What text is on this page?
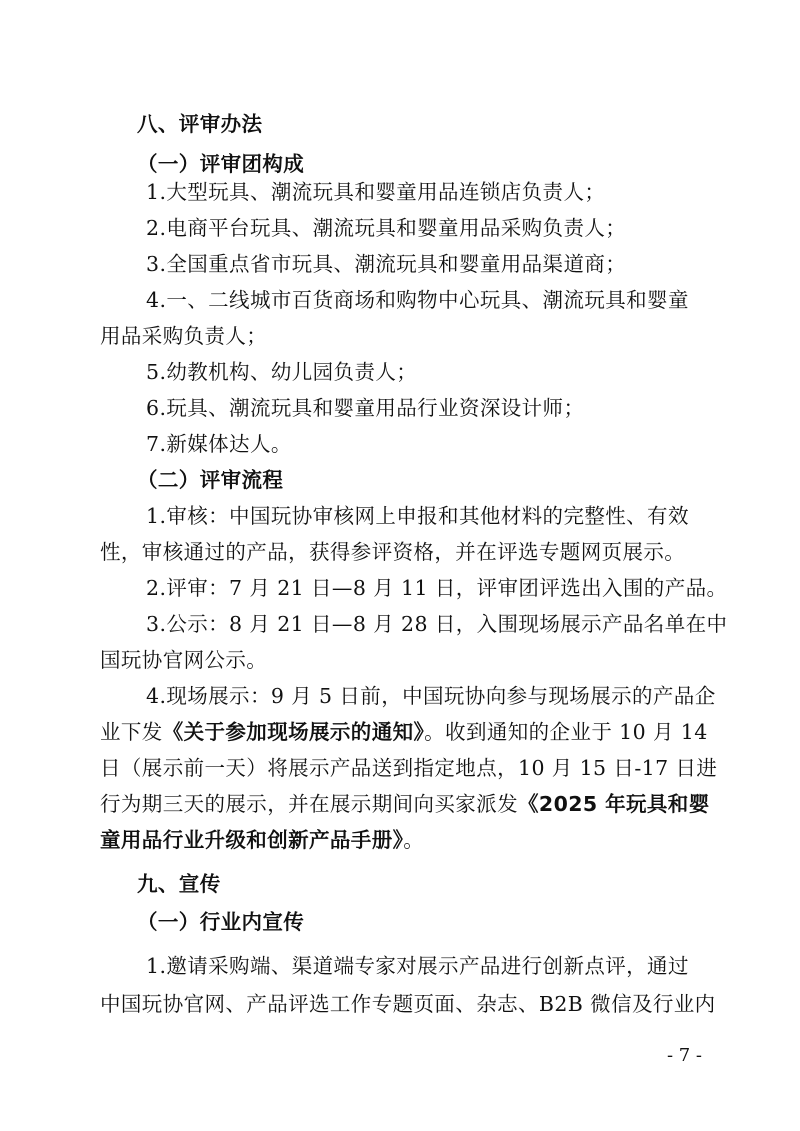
八、评审办法
（一）评审团构成
1.大型玩具、潮流玩具和婴童用品连锁店负责人；
2.电商平台玩具、潮流玩具和婴童用品采购负责人；
3.全国重点省市玩具、潮流玩具和婴童用品渠道商；
4.一、二线城市百货商场和购物中心玩具、潮流玩具和婴童
用品采购负责人；
5.幼教机构、幼儿园负责人；
6.玩具、潮流玩具和婴童用品行业资深设计师；
7.新媒体达人。
（二）评审流程
1.审核：中国玩协审核网上申报和其他材料的完整性、有效
性，审核通过的产品，获得参评资格，并在评选专题网页展示。
2.评审：7 月 21 日—8 月 11 日，评审团评选出入围的产品。
3.公示：8 月 21 日—8 月 28 日，入围现场展示产品名单在中
国玩协官网公示。
4.现场展示：9 月 5 日前，中国玩协向参与现场展示的产品企
业下发《关于参加现场展示的通知》。收到通知的企业于 10 月 14
日（展示前一天）将展示产品送到指定地点，10 月 15 日-17 日进
行为期三天的展示，并在展示期间向买家派发《2025 年玩具和婴
童用品行业升级和创新产品手册》。
九、宣传
（一）行业内宣传
1.邀请采购端、渠道端专家对展示产品进行创新点评，通过
中国玩协官网、产品评选工作专题页面、杂志、B2B 微信及行业内
- 7 -
